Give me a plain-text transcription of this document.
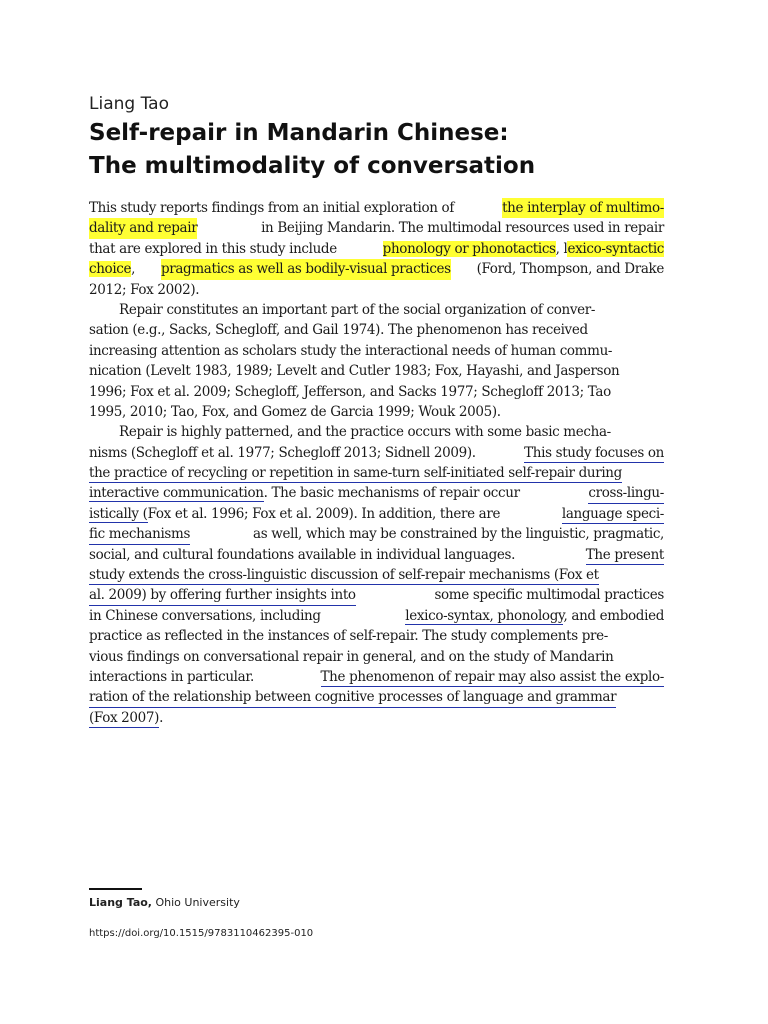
Liang Tao
Self-repair in Mandarin Chinese:
The multimodality of conversation
This study reports findings from an initial exploration of	the interplay of multimo-
dality and repair	in Beijing Mandarin. The multimodal resources used in repair
that are explored in this study include	phonology or phonotactics, lexico-syntactic
choice, pragmatics as well as bodily-visual practices (Ford, Thompson, and Drake
2012; Fox 2002).
Repair constitutes an important part of the social organization of conver-
sation (e.g., Sacks, Schegloff, and Gail 1974). The phenomenon has received
increasing attention as scholars study the interactional needs of human commu-
nication (Levelt 1983, 1989; Levelt and Cutler 1983; Fox, Hayashi, and Jasperson
1996; Fox et al. 2009; Schegloff, Jefferson, and Sacks 1977; Schegloff 2013; Tao
1995, 2010; Tao, Fox, and Gomez de Garcia 1999; Wouk 2005).
Repair is highly patterned, and the practice occurs with some basic mecha-
nisms (Schegloff et al. 1977; Schegloff 2013; Sidnell 2009).	This study focuses on
the practice of recycling or repetition in same-turn self-initiated self-repair during
interactive communication. The basic mechanisms of repair occur	cross-lingu-
istically (Fox et al. 1996; Fox et al. 2009). In addition, there are	language speci-
fic mechanisms	as well, which may be constrained by the linguistic, pragmatic,
social, and cultural foundations available in individual languages.	The present
study extends the cross-linguistic discussion of self-repair mechanisms (Fox et
al. 2009) by offering further insights into	some specific multimodal practices
in Chinese conversations, including	lexico-syntax, phonology, and embodied
practice as reflected in the instances of self-repair. The study complements pre-
vious findings on conversational repair in general, and on the study of Mandarin
interactions in particular.	The phenomenon of repair may also assist the explo-
ration of the relationship between cognitive processes of language and grammar
(Fox 2007) .
Liang Tao, Ohio University
https://doi.org/10.1515/9783110462395-010
